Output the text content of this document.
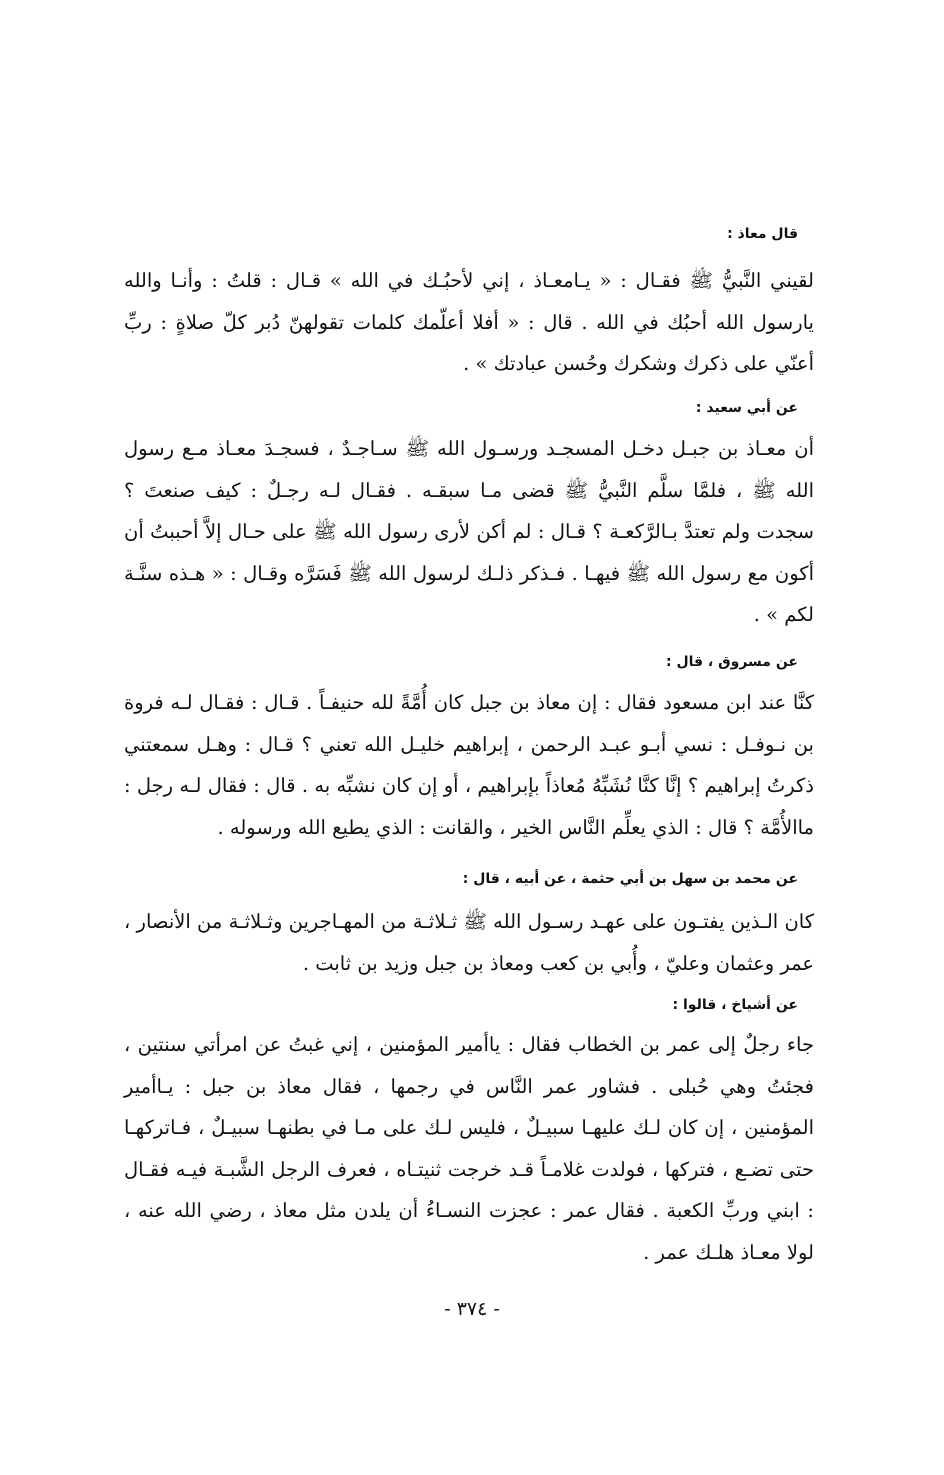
قال معاذ :

لقيني النَّبيُّ ﷺ فقـال : « يـامعـاذ ، إني لأحبُـك في الله » قـال : قلتُ : وأنـا والله يارسول الله أحبُك في الله . قال : « أفلا أعلّمك كلمات تقولهنّ دُبر كلّ صلاةٍ : ربِّ أعنّي على ذكرك وشكرك وحُسن عبادتك » .

عن أبي سعيد :

أن معـاذ بن جبـل دخـل المسجـد ورسـول الله ﷺ سـاجـدٌ ، فسجـدَ معـاذ مـع رسول الله ﷺ ، فلمَّا سلَّم النَّبيُّ ﷺ قضى مـا سبقـه . فقـال لـه رجـلٌ : كيف صنعتَ ؟ سجدت ولم تعتدَّ بـالرَّكعـة ؟ قـال : لم أكن لأرى رسول الله ﷺ على حـال إلاَّ أحببتُ أن أكون مع رسول الله ﷺ فيهـا . فـذكر ذلـك لرسول الله ﷺ فَسَرَّه وقـال : « هـذه سنَّـة لكم » .

عن مسروق ، قال :

كنَّا عند ابن مسعود فقال : إن معاذ بن جبل كان أُمَّةً لله حنيفـاً . قـال : فقـال لـه فروة بن نـوفـل : نسي أبـو عبـد الرحمن ، إبراهيم خليـل الله تعني ؟ قـال : وهـل سمعتني ذكرتُ إبراهيم ؟ إنَّا كنَّا نُشَبِّهُ مُعاذاً بإبراهيم ، أو إن كان نشبِّه به . قال : فقال لـه رجل : ماالأُمَّة ؟ قال : الذي يعلِّم النَّاس الخير ، والقانت : الذي يطيع الله ورسوله .

عن محمد بن سهل بن أبي حثمة ، عن أبيه ، قال :

كان الـذين يفتـون على عهـد رسـول الله ﷺ ثـلاثـة من المهـاجرين وثـلاثـة من الأنصار ، عمر وعثمان وعليّ ، وأُبي بن كعب ومعاذ بن جبل وزيد بن ثابت .

عن أشياخ ، قالوا :

جاء رجلٌ إلى عمر بن الخطاب فقال : ياأمير المؤمنين ، إني غبتُ عن امرأتي سنتين ، فجئتُ وهي حُبلى . فشاور عمر النَّاس في رجمها ، فقال معاذ بن جبل : يـاأمير المؤمنين ، إن كان لـك عليهـا سبيـلٌ ، فليس لـك على مـا في بطنهـا سبيـلٌ ، فـاتركهـا حتى تضـع ، فتركها ، فولدت غلامـاً قـد خرجت ثنيتـاه ، فعرف الرجل الشَّبـة فيـه فقـال : ابني وربِّ الكعبة . فقال عمر : عجزت النسـاءُ أن يلدن مثل معاذ ، رضي الله عنه ، لولا معـاذ هلـك عمر .

- ٣٧٤ -
